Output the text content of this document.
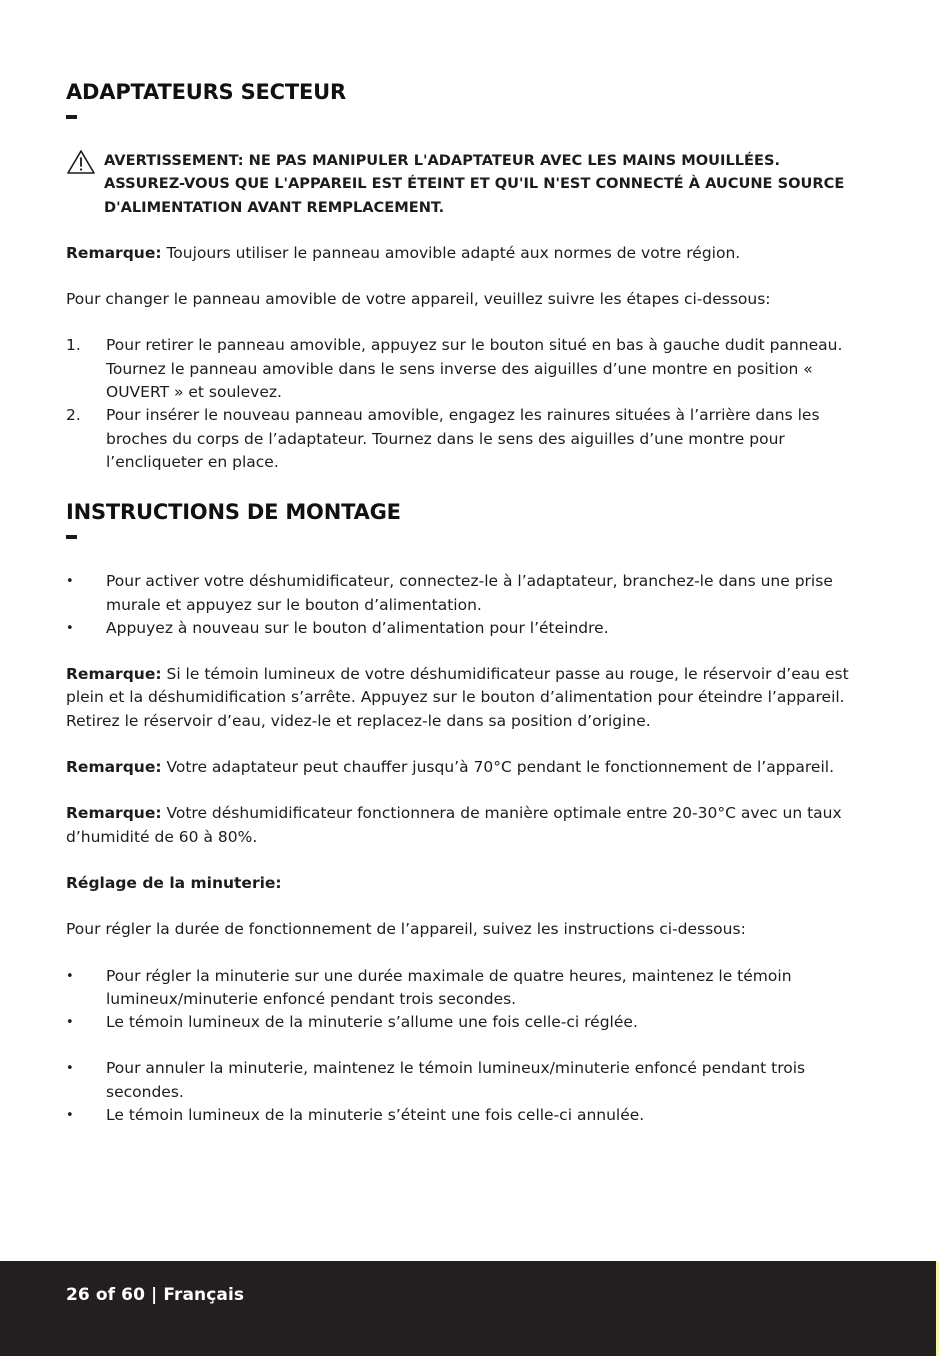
ADAPTATEURS SECTEUR

AVERTISSEMENT: NE PAS MANIPULER L'ADAPTATEUR AVEC LES MAINS MOUILLÉES. ASSUREZ-VOUS QUE L'APPAREIL EST ÉTEINT ET QU'IL N'EST CONNECTÉ À AUCUNE SOURCE D'ALIMENTATION AVANT REMPLACEMENT.

Remarque: Toujours utiliser le panneau amovible adapté aux normes de votre région.

Pour changer le panneau amovible de votre appareil, veuillez suivre les étapes ci-dessous:

1.	Pour retirer le panneau amovible, appuyez sur le bouton situé en bas à gauche dudit panneau. Tournez le panneau amovible dans le sens inverse des aiguilles d’une montre en position « OUVERT » et soulevez.
2.	Pour insérer le nouveau panneau amovible, engagez les rainures situées à l’arrière dans les broches du corps de l’adaptateur. Tournez dans le sens des aiguilles d’une montre pour l’encliqueter en place.
INSTRUCTIONS DE MONTAGE
•	Pour activer votre déshumidificateur, connectez-le à l’adaptateur, branchez-le dans une prise murale et appuyez sur le bouton d’alimentation.
•	Appuyez à nouveau sur le bouton d’alimentation pour l’éteindre.

Remarque: Si le témoin lumineux de votre déshumidificateur passe au rouge, le réservoir d’eau est plein et la déshumidification s’arrête. Appuyez sur le bouton d’alimentation pour éteindre l’appareil. Retirez le réservoir d’eau, videz-le et replacez-le dans sa position d’origine.

Remarque: Votre adaptateur peut chauffer jusqu’à 70°C pendant le fonctionnement de l’appareil.

Remarque: Votre déshumidificateur fonctionnera de manière optimale entre 20-30°C avec un taux d’humidité de 60 à 80%.

Réglage de la minuterie:

Pour régler la durée de fonctionnement de l’appareil, suivez les instructions ci-dessous:

•	Pour régler la minuterie sur une durée maximale de quatre heures, maintenez le témoin lumineux/minuterie enfoncé pendant trois secondes.
•	Le témoin lumineux de la minuterie s’allume une fois celle-ci réglée.
•	Pour annuler la minuterie, maintenez le témoin lumineux/minuterie enfoncé pendant trois secondes.
•	Le témoin lumineux de la minuterie s’éteint une fois celle-ci annulée.
26 of 60 | Français
